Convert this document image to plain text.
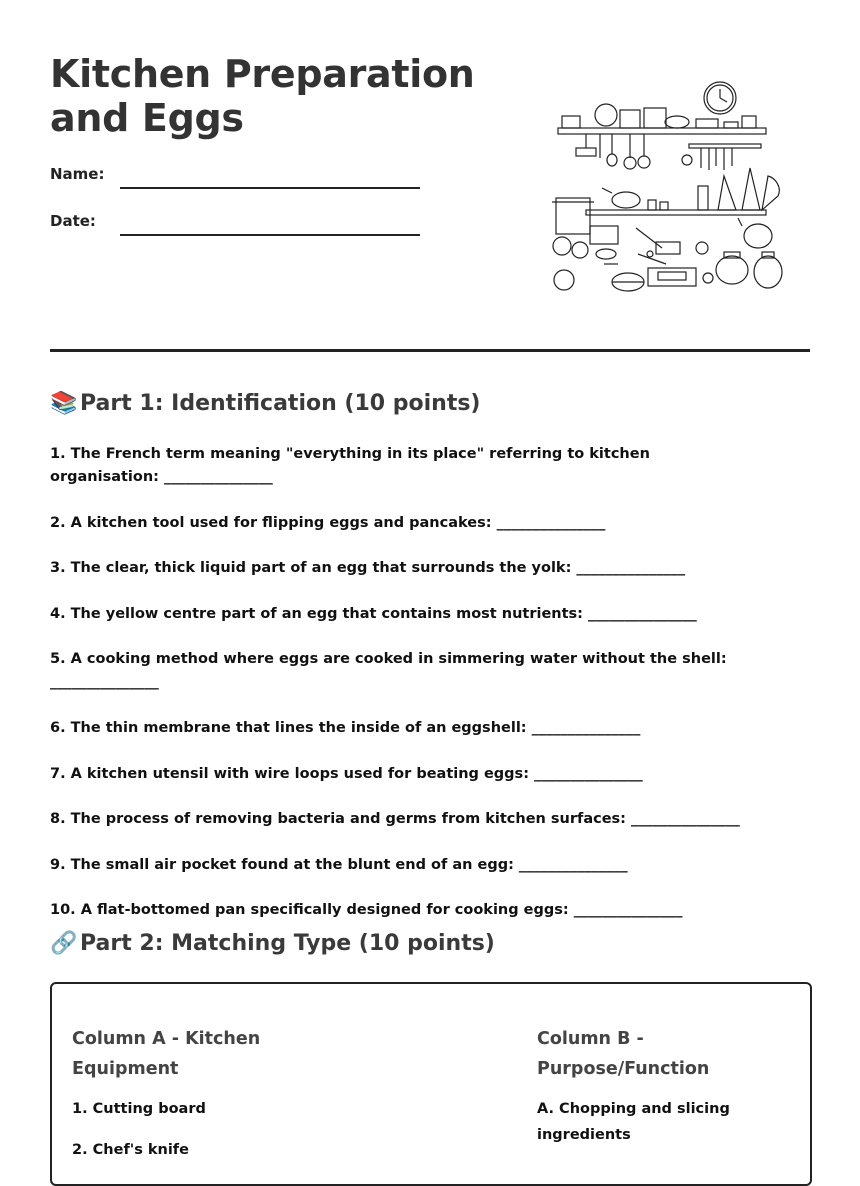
Kitchen Preparation and Eggs
Name:
Date:
📚 Part 1: Identification (10 points)
1. The French term meaning "everything in its place" referring to kitchen organisation: _______________
2. A kitchen tool used for flipping eggs and pancakes: _______________
3. The clear, thick liquid part of an egg that surrounds the yolk: _______________
4. The yellow centre part of an egg that contains most nutrients: _______________
5. A cooking method where eggs are cooked in simmering water without the shell: _______________
6. The thin membrane that lines the inside of an eggshell: _______________
7. A kitchen utensil with wire loops used for beating eggs: _______________
8. The process of removing bacteria and germs from kitchen surfaces: _______________
9. The small air pocket found at the blunt end of an egg: _______________
10. A flat-bottomed pan specifically designed for cooking eggs: _______________
🔗 Part 2: Matching Type (10 points)
Column A - Kitchen Equipment
1. Cutting board
2. Chef's knife
Column B - Purpose/Function
A. Chopping and slicing ingredients
